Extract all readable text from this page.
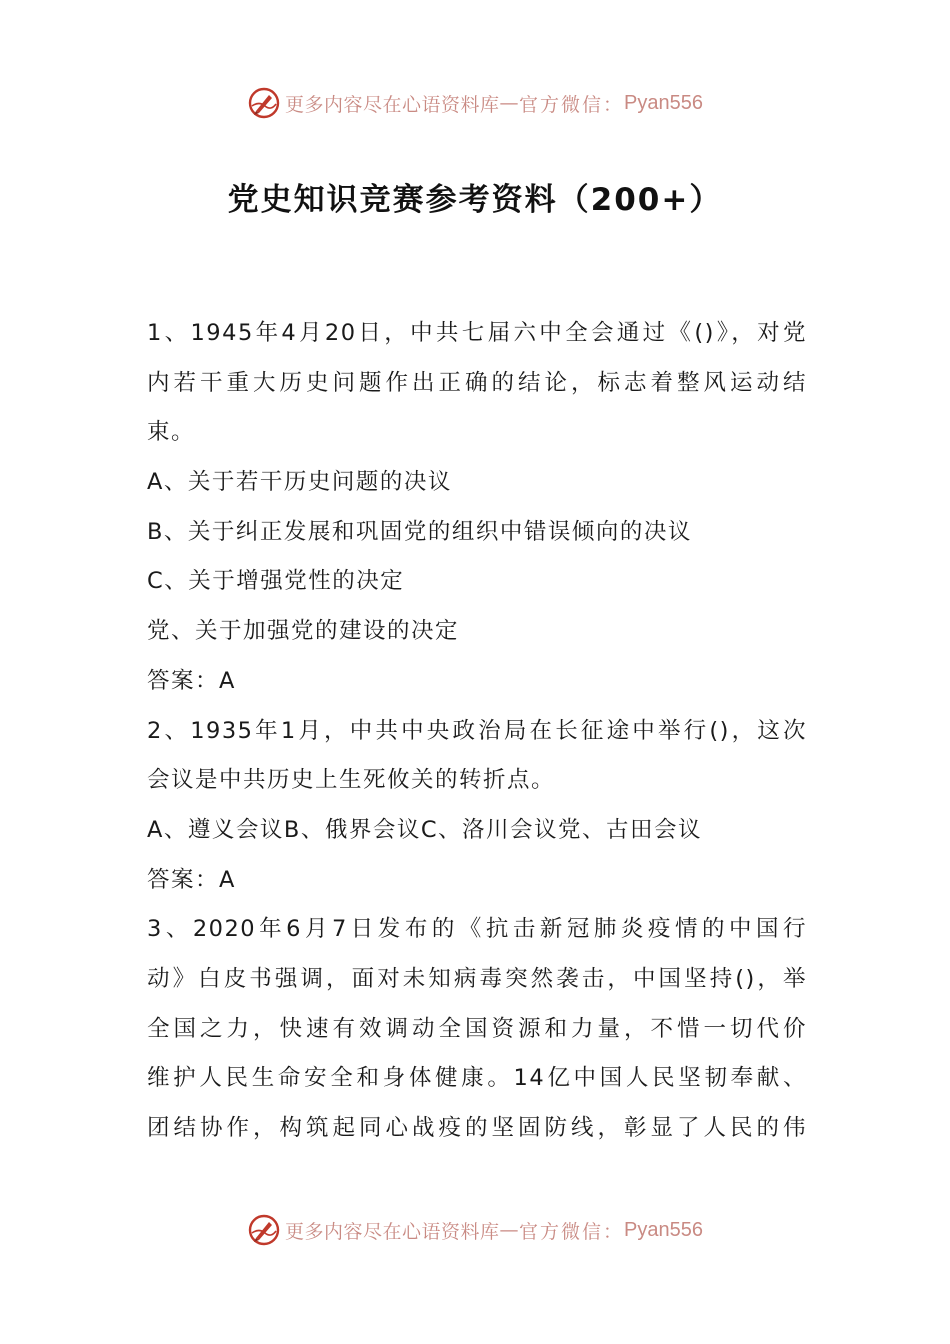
更多内容尽在心语资料库 — 官方微信： Pyan556
党史知识竞赛参考资料（200+）
1、1945年4月20日，中共七届六中全会通过《()》，对党
内若干重大历史问题作出正确的结论，标志着整风运动结
束。
A、关于若干历史问题的决议
B、关于纠正发展和巩固党的组织中错误倾向的决议
C、关于增强党性的决定
党、关于加强党的建设的决定
答案：A
2、1935年1月，中共中央政治局在长征途中举行()，这次
会议是中共历史上生死攸关的转折点。
A、遵义会议B、俄界会议C、洛川会议党、古田会议
答案：A
3、2020年6月7日发布的《抗击新冠肺炎疫情的中国行
动》白皮书强调，面对未知病毒突然袭击，中国坚持()，举
全国之力，快速有效调动全国资源和力量，不惜一切代价
维护人民生命安全和身体健康。14亿中国人民坚韧奉献、
团结协作，构筑起同心战疫的坚固防线，彰显了人民的伟
更多内容尽在心语资料库 — 官方微信： Pyan556
